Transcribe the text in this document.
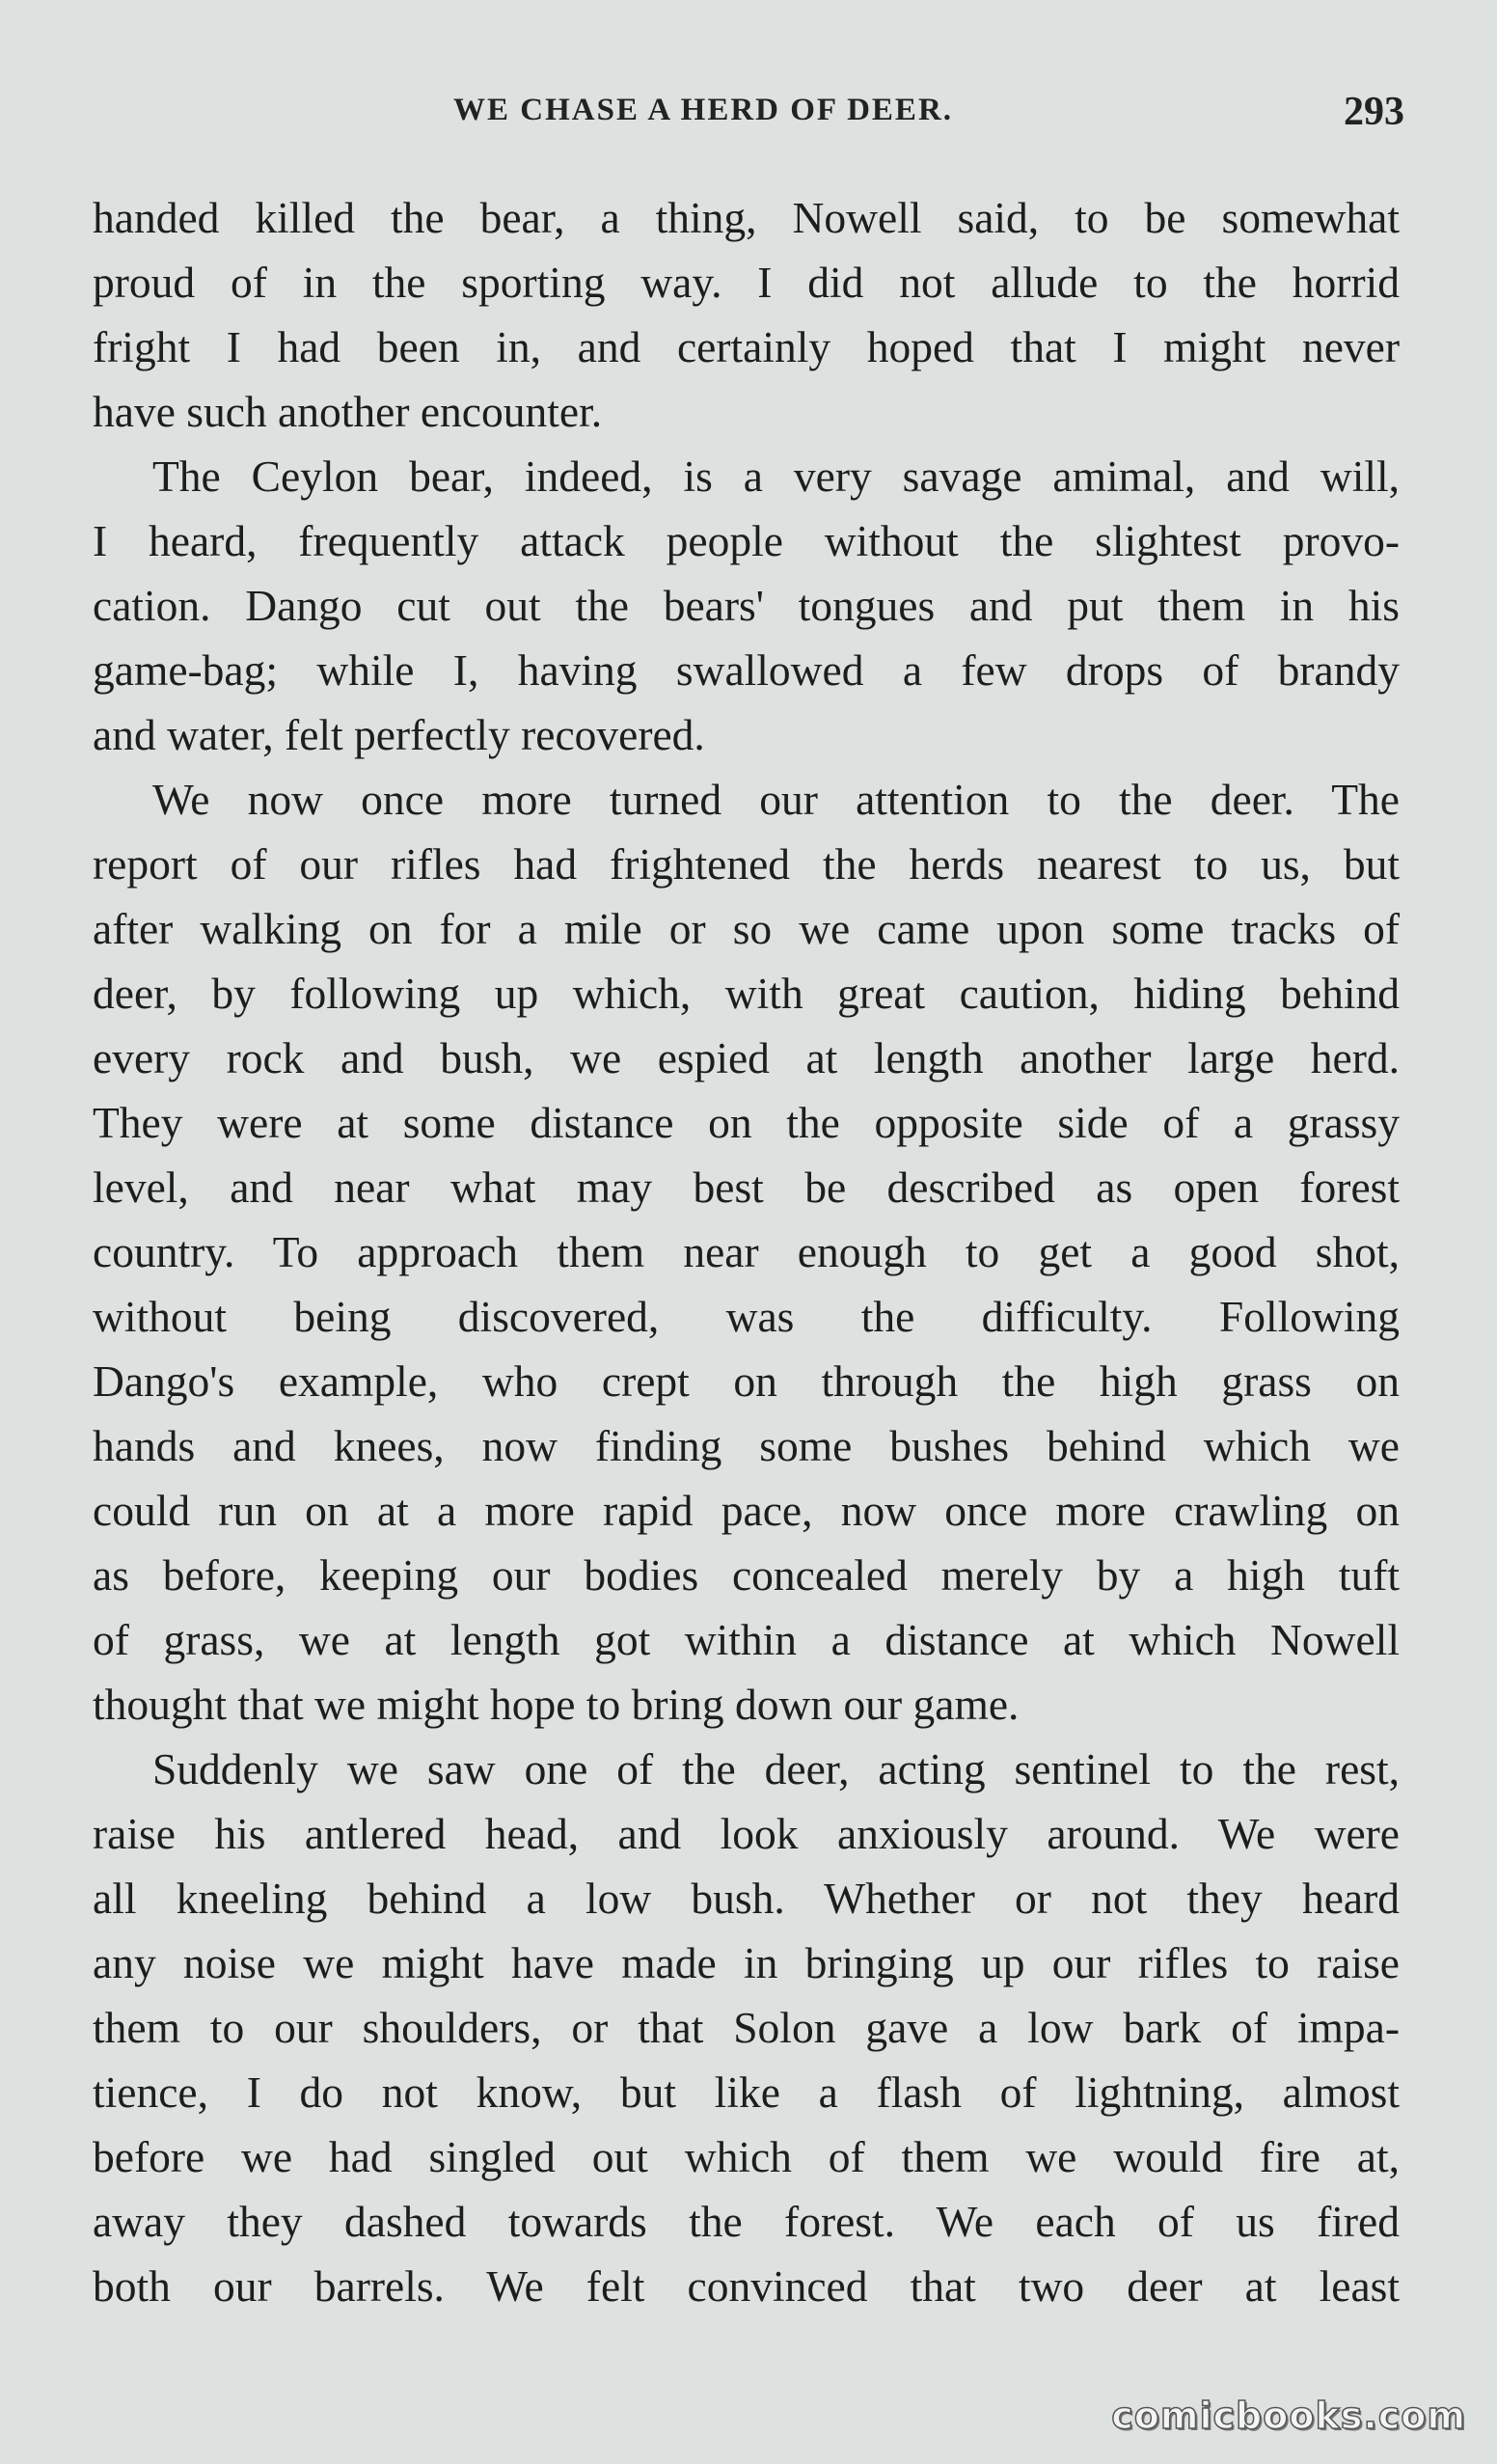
WE CHASE A HERD OF DEER.	293
handed killed the bear, a thing, Nowell said, to be somewhat
proud of in the sporting way. I did not allude to the horrid
fright I had been in, and certainly hoped that I might never
have such another encounter.
The Ceylon bear, indeed, is a very savage amimal, and will,
I heard, frequently attack people without the slightest provo-
cation. Dango cut out the bears' tongues and put them in his
game-bag; while I, having swallowed a few drops of brandy
and water, felt perfectly recovered.
We now once more turned our attention to the deer. The
report of our rifles had frightened the herds nearest to us, but
after walking on for a mile or so we came upon some tracks of
deer, by following up which, with great caution, hiding behind
every rock and bush, we espied at length another large herd.
They were at some distance on the opposite side of a grassy
level, and near what may best be described as open forest
country. To approach them near enough to get a good shot,
without being discovered, was the difficulty. Following
Dango's example, who crept on through the high grass on
hands and knees, now finding some bushes behind which we
could run on at a more rapid pace, now once more crawling on
as before, keeping our bodies concealed merely by a high tuft
of grass, we at length got within a distance at which Nowell
thought that we might hope to bring down our game.
Suddenly we saw one of the deer, acting sentinel to the rest,
raise his antlered head, and look anxiously around. We were
all kneeling behind a low bush. Whether or not they heard
any noise we might have made in bringing up our rifles to raise
them to our shoulders, or that Solon gave a low bark of impa-
tience, I do not know, but like a flash of lightning, almost
before we had singled out which of them we would fire at,
away they dashed towards the forest. We each of us fired
both our barrels. We felt convinced that two deer at least
comicbooks.com
